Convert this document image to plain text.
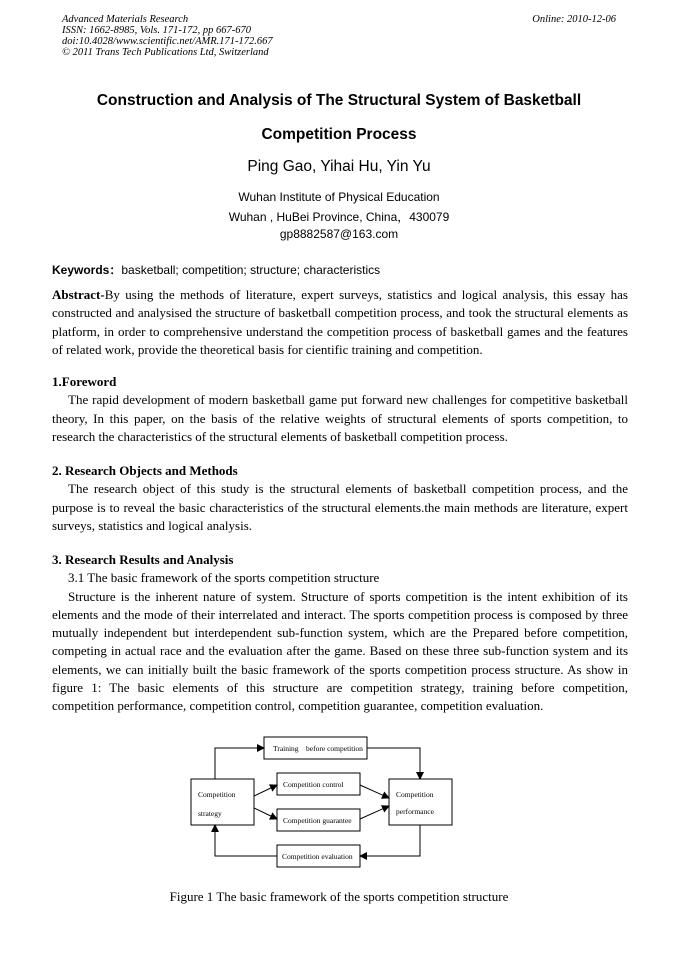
Advanced Materials Research
ISSN: 1662-8985, Vols. 171-172, pp 667-670
doi:10.4028/www.scientific.net/AMR.171-172.667
© 2011 Trans Tech Publications Ltd, Switzerland
Online: 2010-12-06
Construction and Analysis of The Structural System of Basketball
Competition Process
Ping Gao, Yihai Hu, Yin Yu
Wuhan Institute of Physical Education
Wuhan , HuBei Province, China，430079
gp8882587@163.com
Keywords：basketball; competition; structure; characteristics

Abstract-By using the methods of literature, expert surveys, statistics and logical analysis, this essay has constructed and analysised the structure of basketball competition process, and took the structural elements as platform, in order to comprehensive understand the competition process of basketball games and the features of related work, provide the theoretical basis for cientific training and competition.

1.Foreword

The rapid development of modern basketball game put forward new challenges for competitive basketball theory, In this paper, on the basis of the relative weights of structural elements of sports competition, to research the characteristics of the structural elements of basketball competition process.

2. Research Objects and Methods

The research object of this study is the structural elements of basketball competition process, and the purpose is to reveal the basic characteristics of the structural elements.the main methods are literature, expert surveys, statistics and logical analysis.

3. Research Results and Analysis

3.1 The basic framework of the sports competition structure

Structure is the inherent nature of system. Structure of sports competition is the intent exhibition of its elements and the mode of their interrelated and interact. The sports competition process is composed by three mutually independent but interdependent sub-function system, which are the Prepared before competition, competing in actual race and the evaluation after the game. Based on these three sub-function system and its elements, we can initially built the basic framework of the sports competition process structure. As show in figure 1: The basic elements of this structure are competition strategy, training before competition, competition performance, competition control, competition guarantee, competition evaluation.

Training    before competition
Competition
strategy
Competition control
Competition guarantee
Competition
performance
Competition evaluation
Figure 1 The basic framework of the sports competition structure
